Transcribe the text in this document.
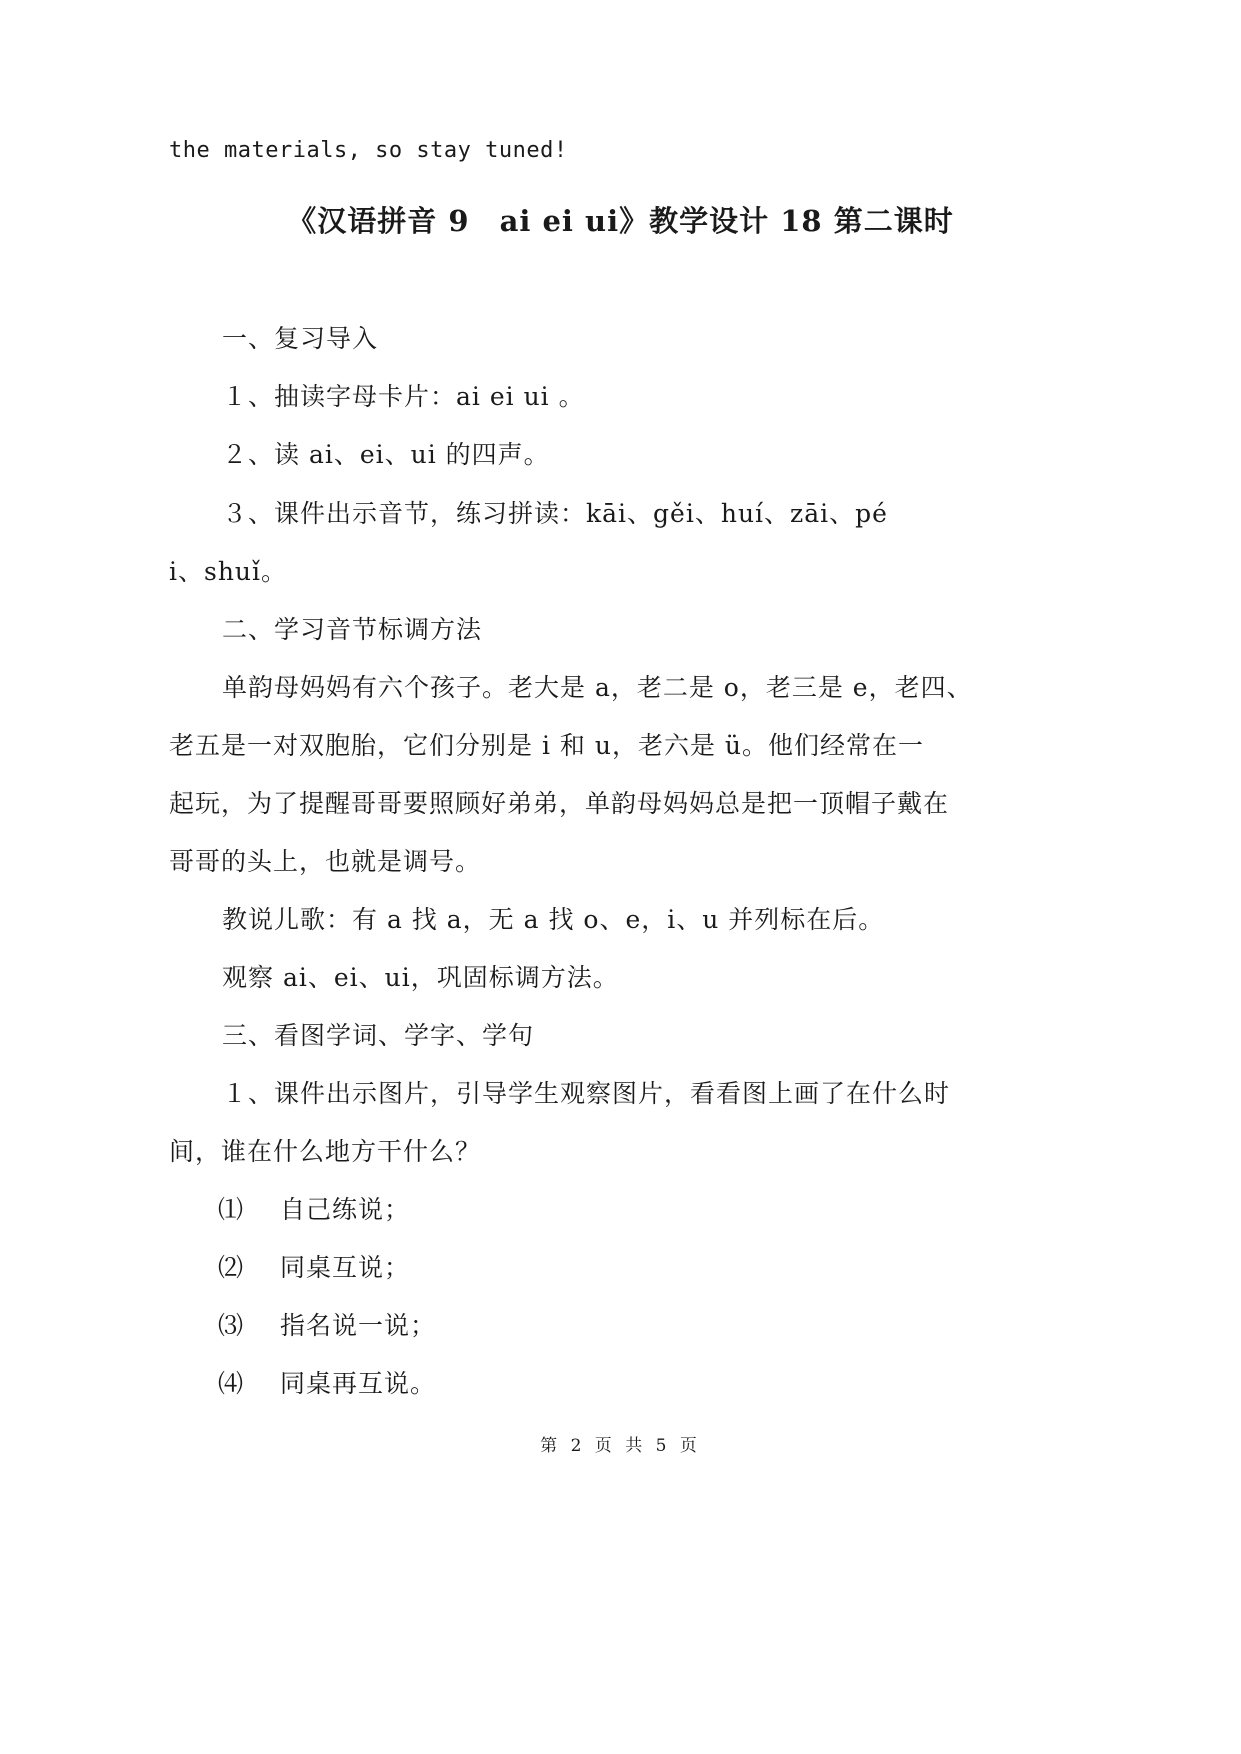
the materials, so stay tuned!
《汉语拼音 9　ai ei ui》教学设计 18 第二课时
一、复习导入
１、抽读字母卡片：ai ei ui 。
２、读 ai、ei、ui 的四声。
３、课件出示音节，练习拼读：kāi、gěi、huí、zāi、pé
i、shuǐ。
二、学习音节标调方法
单韵母妈妈有六个孩子。老大是 a，老二是 o，老三是 e，老四、
老五是一对双胞胎，它们分别是 i 和 u，老六是 ü。他们经常在一
起玩，为了提醒哥哥要照顾好弟弟，单韵母妈妈总是把一顶帽子戴在
哥哥的头上，也就是调号。
教说儿歌：有 a 找 a，无 a 找 o、e，i、u 并列标在后。
观察 ai、ei、ui，巩固标调方法。
三、看图学词、学字、学句
１、课件出示图片，引导学生观察图片，看看图上画了在什么时
间，谁在什么地方干什么？
⑴ 自己练说；
⑵ 同桌互说；
⑶ 指名说一说；
⑷ 同桌再互说。
第 2 页 共 5 页
